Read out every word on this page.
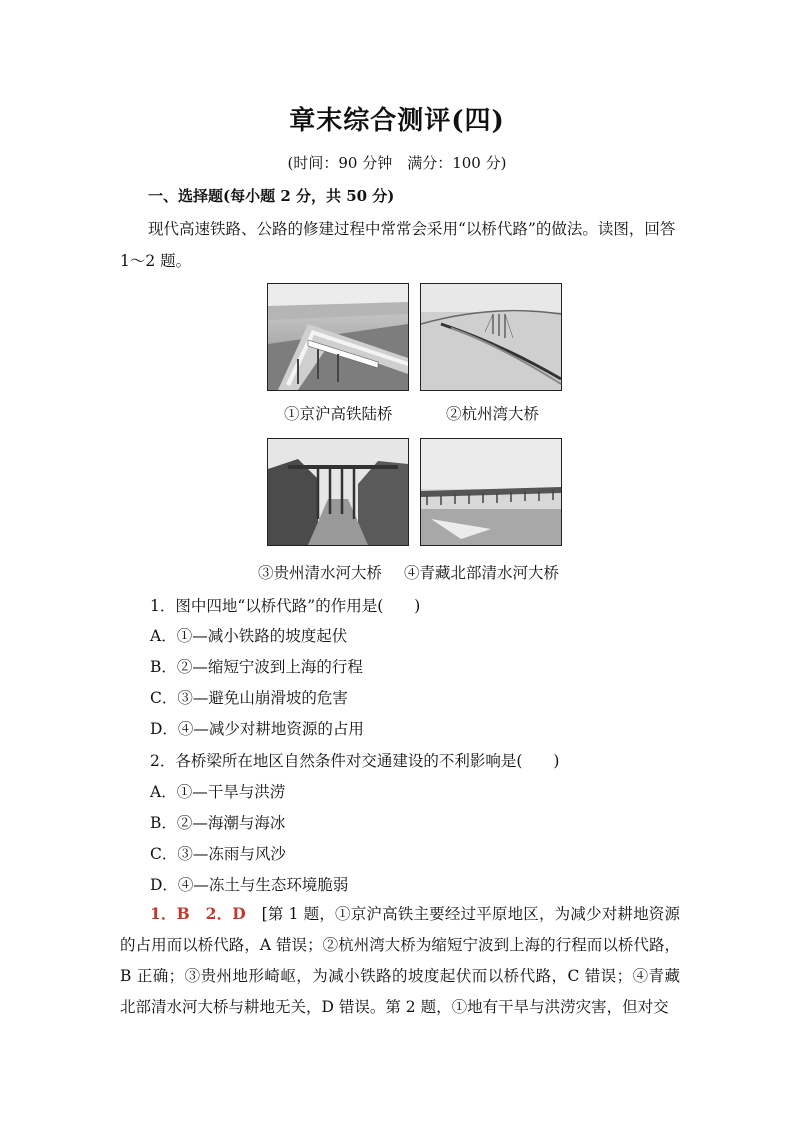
章末综合测评(四)
(时间：90 分钟　满分：100 分)
一、选择题(每小题 2 分，共 50 分)
现代高速铁路、公路的修建过程中常常会采用“以桥代路”的做法。读图，回答 1～2 题。
①京沪高铁陆桥	②杭州湾大桥
③贵州清水河大桥 ④青藏北部清水河大桥
1．图中四地“以桥代路”的作用是(　　)
A．①—减小铁路的坡度起伏
B．②—缩短宁波到上海的行程
C．③—避免山崩滑坡的危害
D．④—减少对耕地资源的占用
2．各桥梁所在地区自然条件对交通建设的不利影响是(　　)
A．①—干旱与洪涝
B．②—海潮与海冰
C．③—冻雨与风沙
D．④—冻土与生态环境脆弱
1．B　2．D　 [第 1 题，①京沪高铁主要经过平原地区，为减少对耕地资源的占用而以桥代路，A 错误；②杭州湾大桥为缩短宁波到上海的行程而以桥代路，B 正确；③贵州地形崎岖，为减小铁路的坡度起伏而以桥代路，C 错误；④青藏北部清水河大桥与耕地无关，D 错误。第 2 题，①地有干旱与洪涝灾害，但对交
